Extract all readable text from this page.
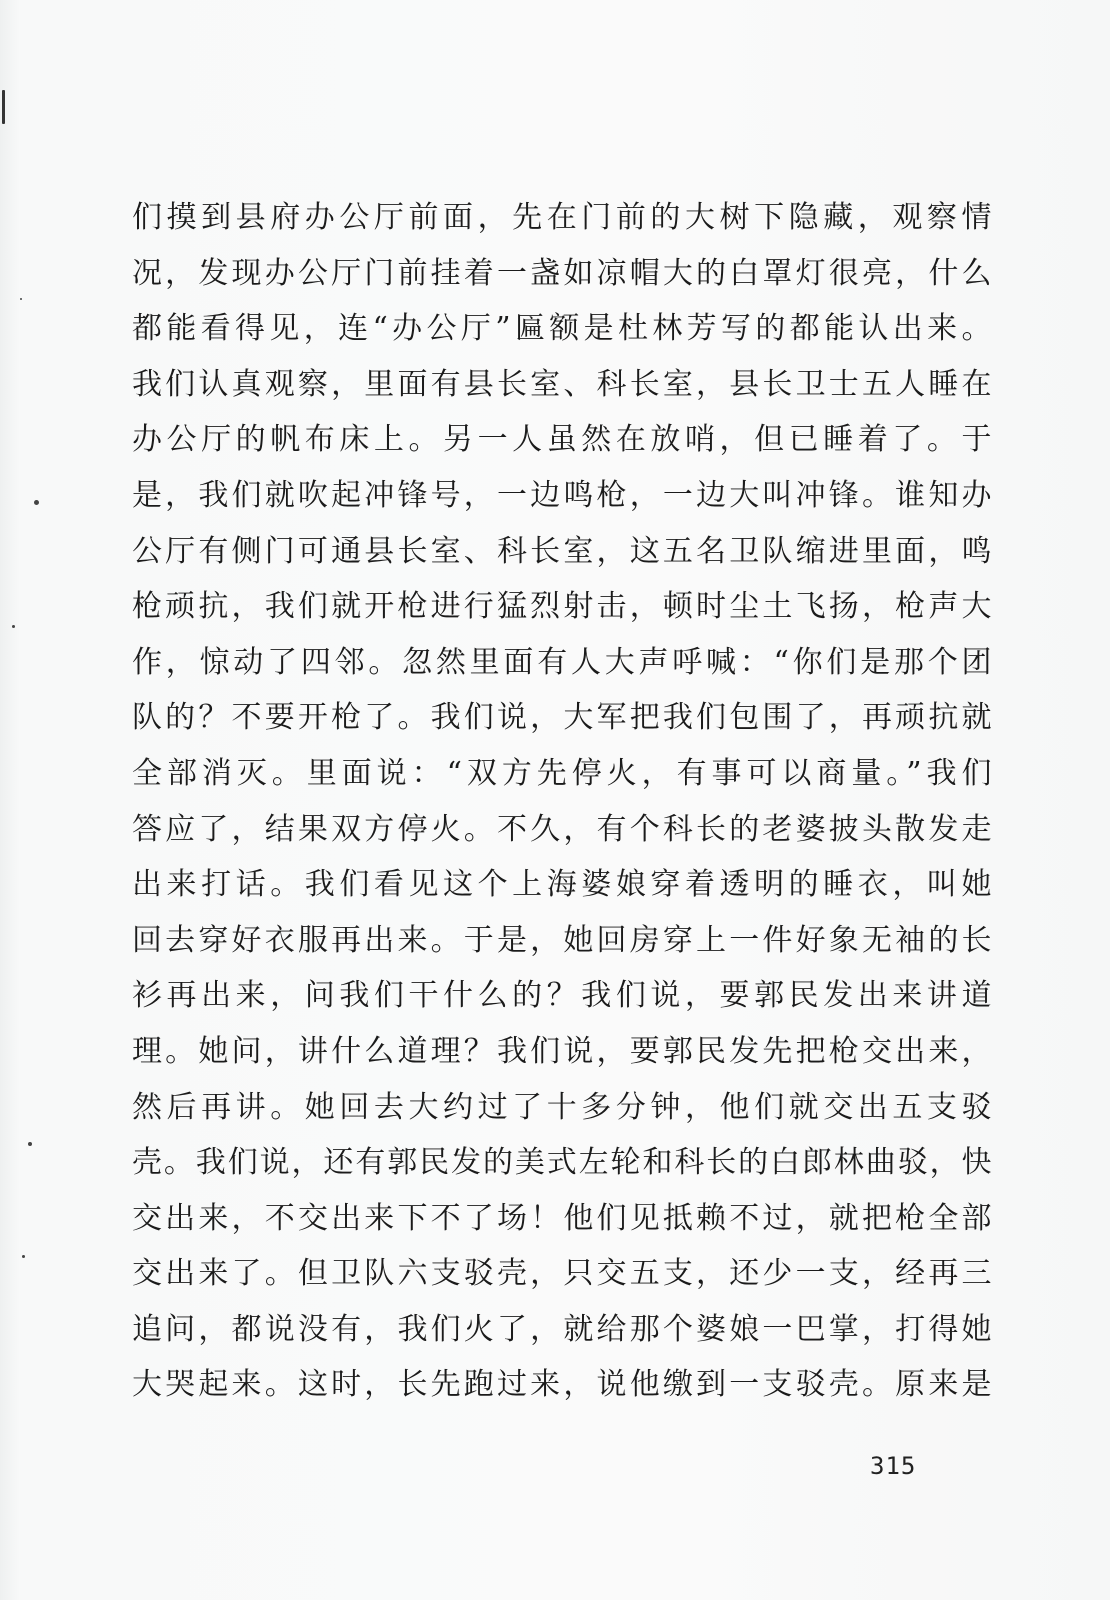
们摸到县府办公厅前面，先在门前的大树下隐藏，观察情
况，发现办公厅门前挂着一盏如凉帽大的白罩灯很亮，什么
都能看得见，连“办公厅”匾额是杜林芳写的都能认出来。
我们认真观察，里面有县长室、科长室，县长卫士五人睡在
办公厅的帆布床上。另一人虽然在放哨，但已睡着了。于
是，我们就吹起冲锋号，一边鸣枪，一边大叫冲锋。谁知办
公厅有侧门可通县长室、科长室，这五名卫队缩进里面，鸣
枪顽抗，我们就开枪进行猛烈射击，顿时尘土飞扬，枪声大
作，惊动了四邻。忽然里面有人大声呼喊：“你们是那个团
队的？不要开枪了。我们说，大军把我们包围了，再顽抗就
全部消灭。里面说：“双方先停火，有事可以商量。”我们
答应了，结果双方停火。不久，有个科长的老婆披头散发走
出来打话。我们看见这个上海婆娘穿着透明的睡衣，叫她
回去穿好衣服再出来。于是，她回房穿上一件好象无袖的长
衫再出来，问我们干什么的？我们说，要郭民发出来讲道
理。她问，讲什么道理？我们说，要郭民发先把枪交出来，
然后再讲。她回去大约过了十多分钟，他们就交出五支驳
壳。我们说，还有郭民发的美式左轮和科长的白郎林曲驳，快
交出来，不交出来下不了场！他们见抵赖不过，就把枪全部
交出来了。但卫队六支驳壳，只交五支，还少一支，经再三
追问，都说没有，我们火了，就给那个婆娘一巴掌，打得她
大哭起来。这时，长先跑过来，说他缴到一支驳壳。原来是
315
